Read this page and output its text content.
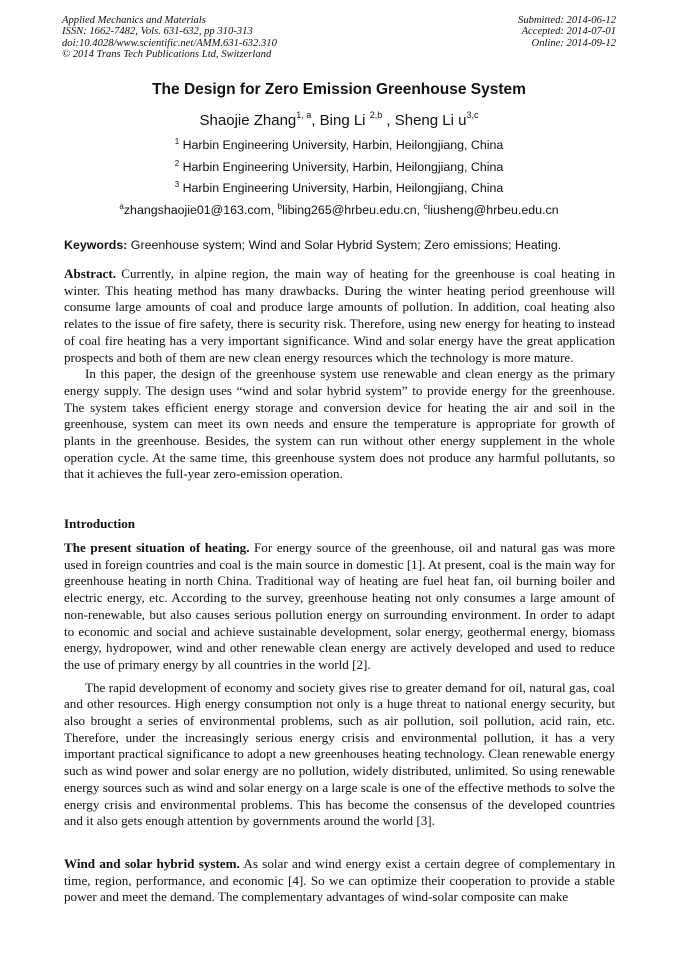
Applied Mechanics and Materials
ISSN: 1662-7482, Vols. 631-632, pp 310-313
doi:10.4028/www.scientific.net/AMM.631-632.310
© 2014 Trans Tech Publications Ltd, Switzerland
Submitted: 2014-06-12
Accepted: 2014-07-01
Online: 2014-09-12
The Design for Zero Emission Greenhouse System
Shaojie Zhang$^{1, a}$, Bing Li $^{2,b}$ , Sheng Li $u^{3,c}$
$^1$ Harbin Engineering University, Harbin, Heilongjiang, China
$^2$ Harbin Engineering University, Harbin, Heilongjiang, China
$^3$ Harbin Engineering University, Harbin, Heilongjiang, China
$^a$zhangshaojie01@163.com, $^b$libing265@hrbeu.edu.cn, $^c$liusheng@hrbeu.edu.cn
Keywords: Greenhouse system; Wind and Solar Hybrid System; Zero emissions; Heating.

Abstract. Currently, in alpine region, the main way of heating for the greenhouse is coal heating in winter. This heating method has many drawbacks. During the winter heating period greenhouse will consume large amounts of coal and produce large amounts of pollution. In addition, coal heating also relates to the issue of fire safety, there is security risk. Therefore, using new energy for heating to instead of coal fire heating has a very important significance. Wind and solar energy have the great application prospects and both of them are new clean energy resources which the technology is more mature.

In this paper, the design of the greenhouse system use renewable and clean energy as the primary energy supply. The design uses “wind and solar hybrid system” to provide energy for the greenhouse. The system takes efficient energy storage and conversion device for heating the air and soil in the greenhouse, system can meet its own needs and ensure the temperature is appropriate for growth of plants in the greenhouse. Besides, the system can run without other energy supplement in the whole operation cycle. At the same time, this greenhouse system does not produce any harmful pollutants, so that it achieves the full-year zero-emission operation.

Introduction

The present situation of heating. For energy source of the greenhouse, oil and natural gas was more used in foreign countries and coal is the main source in domestic [1]. At present, coal is the main way for greenhouse heating in north China. Traditional way of heating are fuel heat fan, oil burning boiler and electric energy, etc. According to the survey, greenhouse heating not only consumes a large amount of non-renewable, but also causes serious pollution energy on surrounding environment. In order to adapt to economic and social and achieve sustainable development, solar energy, geothermal energy, biomass energy, hydropower, wind and other renewable clean energy are actively developed and used to reduce the use of primary energy by all countries in the world [2].

The rapid development of economy and society gives rise to greater demand for oil, natural gas, coal and other resources. High energy consumption not only is a huge threat to national energy security, but also brought a series of environmental problems, such as air pollution, soil pollution, acid rain, etc. Therefore, under the increasingly serious energy crisis and environmental pollution, it has a very important practical significance to adopt a new greenhouses heating technology. Clean renewable energy such as wind power and solar energy are no pollution, widely distributed, unlimited. So using renewable energy sources such as wind and solar energy on a large scale is one of the effective methods to solve the energy crisis and environmental problems. This has become the consensus of the developed countries and it also gets enough attention by governments around the world [3].

Wind and solar hybrid system. As solar and wind energy exist a certain degree of complementary in time, region, performance, and economic [4]. So we can optimize their cooperation to provide a stable power and meet the demand. The complementary advantages of wind-solar composite can make
